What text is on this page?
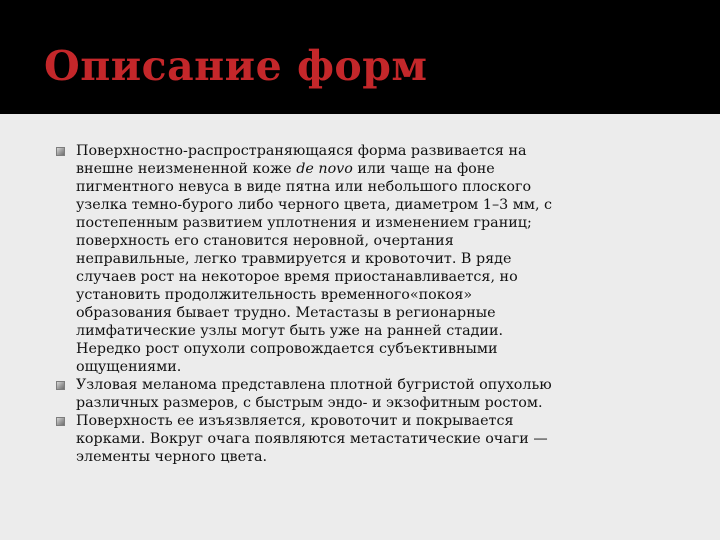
Описание форм
Поверхностно-распространяющаяся форма развивается на
внешне неизмененной коже de novo или чаще на фоне
пигментного невуса в виде пятна или небольшого плоского
узелка темно-бурого либо черного цвета, диаметром 1–3 мм, с
постепенным развитием уплотнения и изменением границ;
поверхность его становится неровной, очертания
неправильные, легко травмируется и кровоточит. В ряде
случаев рост на некоторое время приостанавливается, но
установить продолжительность временного«покоя»
образования бывает трудно. Метастазы в регионарные
лимфатические узлы могут быть уже на ранней стадии.
Нередко рост опухоли сопровождается субъективными
ощущениями.
Узловая меланома представлена плотной бугристой опухолью
различных размеров, с быстрым эндо- и экзофитным ростом.
Поверхность ее изъязвляется, кровоточит и покрывается
корками. Вокруг очага появляются метастатические очаги —
элементы черного цвета.
